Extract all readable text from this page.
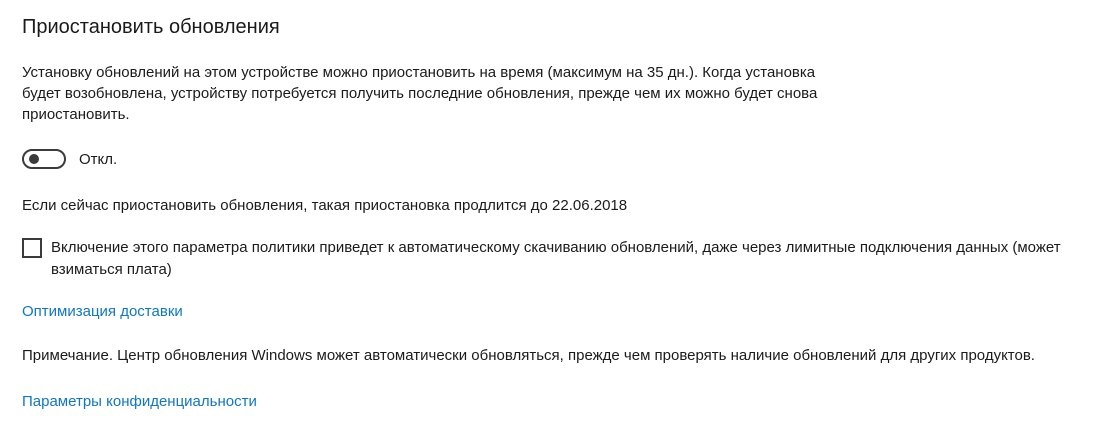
Приостановить обновления

Установку обновлений на этом устройстве можно приостановить на время (максимум на 35 дн.). Когда установка будет возобновлена, устройству потребуется получить последние обновления, прежде чем их можно будет снова приостановить.

Откл.

Если сейчас приостановить обновления, такая приостановка продлится до 22.06.2018

Включение этого параметра политики приведет к автоматическому скачиванию обновлений, даже через лимитные подключения данных (может взиматься плата)

Оптимизация доставки

Примечание. Центр обновления Windows может автоматически обновляться, прежде чем проверять наличие обновлений для других продуктов.

Параметры конфиденциальности
